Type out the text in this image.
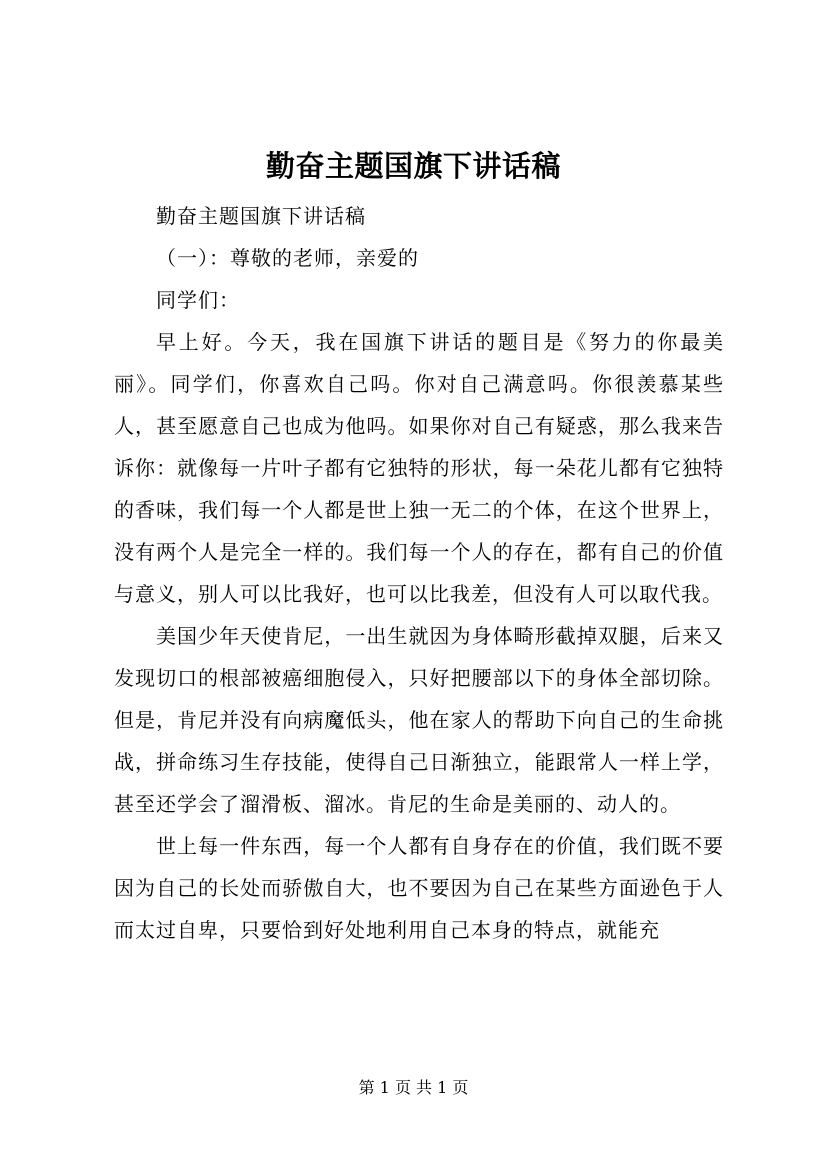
勤奋主题国旗下讲话稿

勤奋主题国旗下讲话稿

（一）：尊敬的老师，亲爱的

同学们：

早上好。今天，我在国旗下讲话的题目是《努力的你最美丽》。同学们，你喜欢自己吗。你对自己满意吗。你很羡慕某些人，甚至愿意自己也成为他吗。如果你对自己有疑惑，那么我来告诉你：就像每一片叶子都有它独特的形状，每一朵花儿都有它独特的香味，我们每一个人都是世上独一无二的个体，在这个世界上，没有两个人是完全一样的。我们每一个人的存在，都有自己的价值与意义，别人可以比我好，也可以比我差，但没有人可以取代我。

美国少年天使肯尼，一出生就因为身体畸形截掉双腿，后来又发现切口的根部被癌细胞侵入，只好把腰部以下的身体全部切除。但是，肯尼并没有向病魔低头，他在家人的帮助下向自己的生命挑战，拼命练习生存技能，使得自己日渐独立，能跟常人一样上学，甚至还学会了溜滑板、溜冰。肯尼的生命是美丽的、动人的。

世上每一件东西，每一个人都有自身存在的价值，我们既不要因为自己的长处而骄傲自大，也不要因为自己在某些方面逊色于人而太过自卑，只要恰到好处地利用自己本身的特点，就能充

第 1 页 共 1 页
